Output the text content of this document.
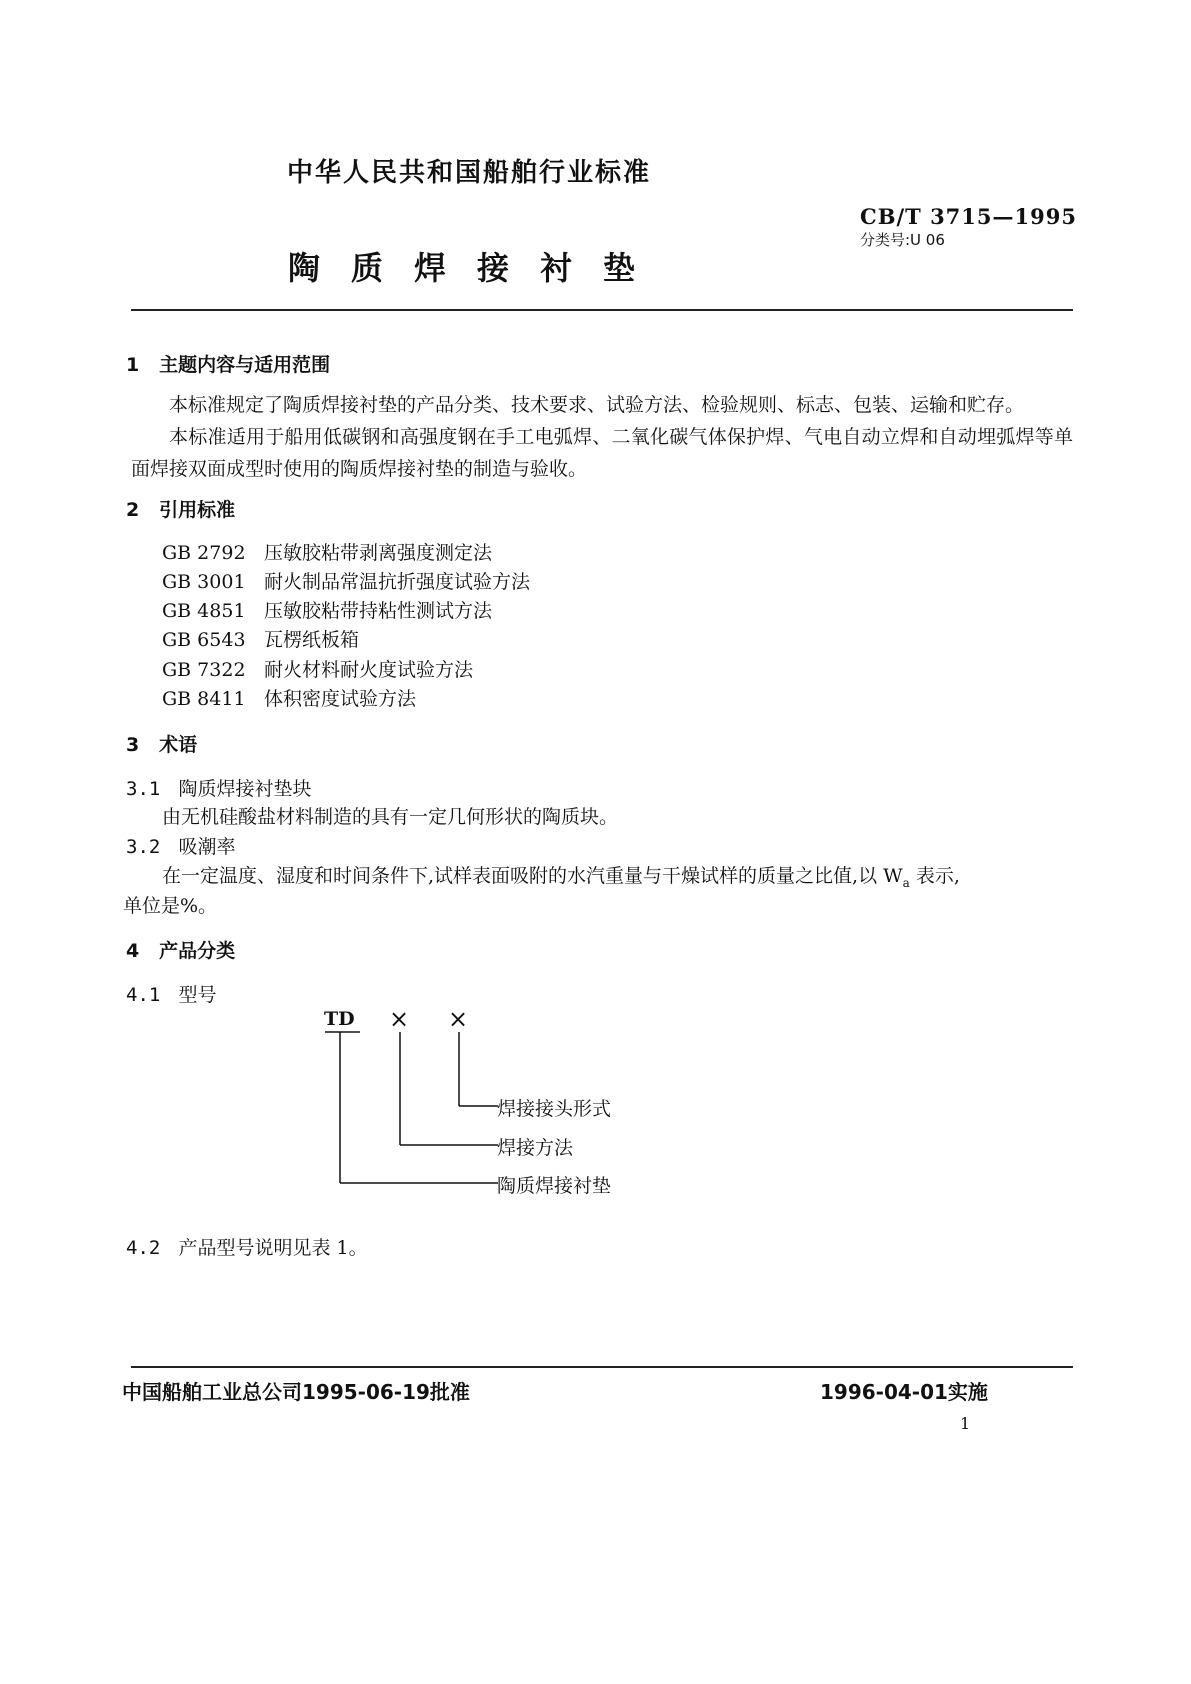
中华人民共和国船舶行业标准
CB/T 3715—1995
分类号:U 06
陶质焊接衬垫
1 主题内容与适用范围

本标准规定了陶质焊接衬垫的产品分类、技术要求、试验方法、检验规则、标志、包装、运输和贮存。

本标准适用于船用低碳钢和高强度钢在手工电弧焊、二氧化碳气体保护焊、气电自动立焊和自动埋弧焊等单面焊接双面成型时使用的陶质焊接衬垫的制造与验收。

2 引用标准
GB 2792 压敏胶粘带剥离强度测定法
GB 3001 耐火制品常温抗折强度试验方法
GB 4851 压敏胶粘带持粘性测试方法
GB 6543 瓦楞纸板箱
GB 7322 耐火材料耐火度试验方法
GB 8411 体积密度试验方法
3 术语
3.1 陶质焊接衬垫块
由无机硅酸盐材料制造的具有一定几何形状的陶质块。
3.2 吸潮率
在一定温度、湿度和时间条件下,试样表面吸附的水汽重量与干燥试样的质量之比值,以 $W_a$ 表示,
单位是%。
4 产品分类
4.1 型号
TD × ×
焊接接头形式
焊接方法
陶质焊接衬垫
4.2 产品型号说明见表 1。
中国船舶工业总公司1995-06-19批准	1996-04-01实施
1
